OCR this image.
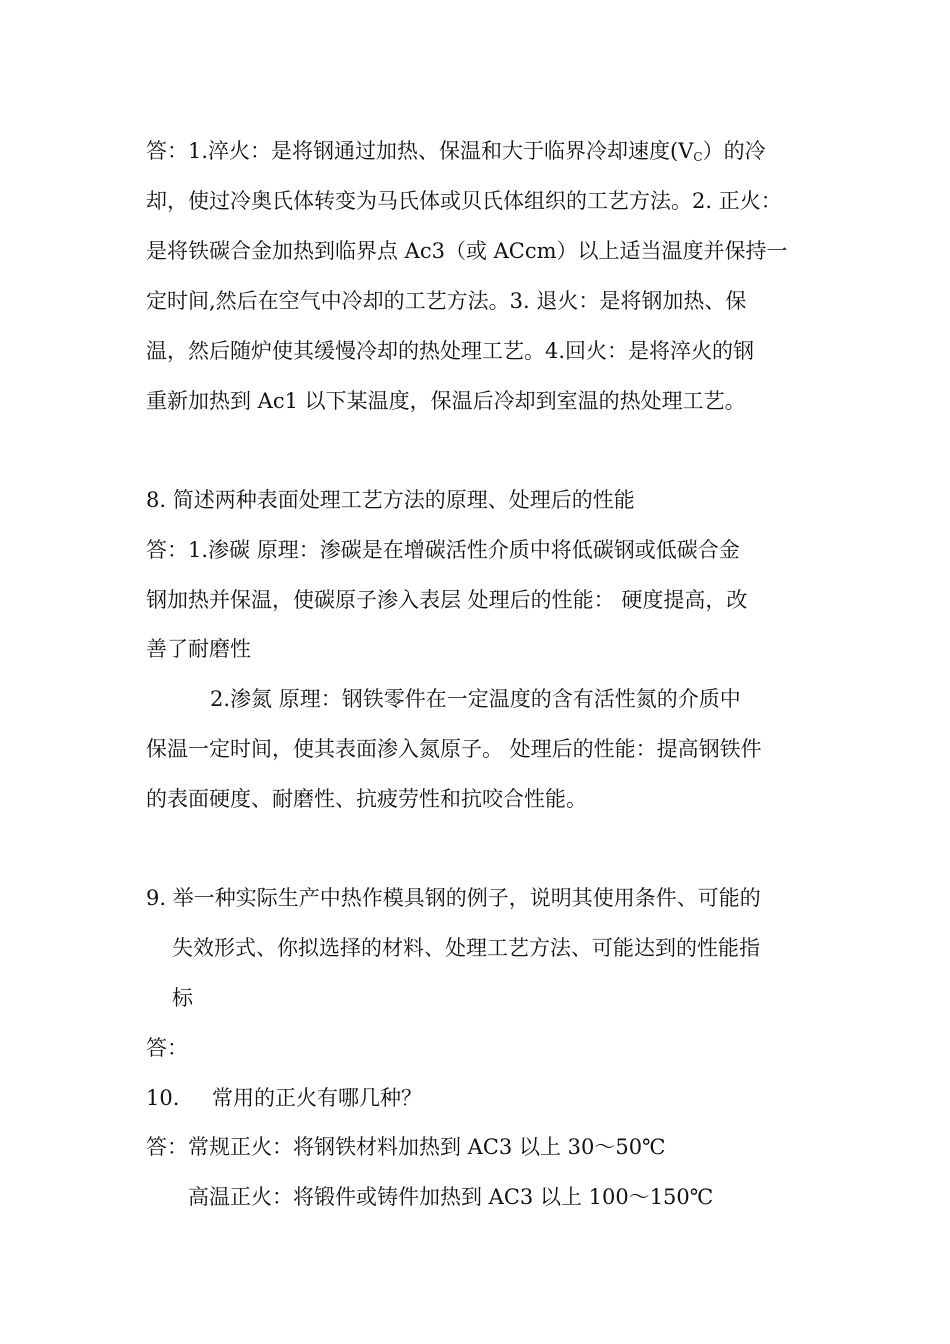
答：1.淬火：是将钢通过加热、保温和大于临界冷却速度$(V_C)$的冷
却，使过冷奥氏体转变为马氏体或贝氏体组织的工艺方法。2. 正火：
是将铁碳合金加热到临界点 Ac3（或 ACcm）以上适当温度并保持一
定时间,然后在空气中冷却的工艺方法。3. 退火：是将钢加热、保
温，然后随炉使其缓慢冷却的热处理工艺。4.回火：是将淬火的钢
重新加热到 Ac1 以下某温度，保温后冷却到室温的热处理工艺。
8. 简述两种表面处理工艺方法的原理、处理后的性能
答：1.渗碳 原理：渗碳是在增碳活性介质中将低碳钢或低碳合金
钢加热并保温，使碳原子渗入表层 处理后的性能： 硬度提高，改
善了耐磨性
2.渗氮 原理：钢铁零件在一定温度的含有活性氮的介质中
保温一定时间，使其表面渗入氮原子。 处理后的性能：提高钢铁件
的表面硬度、耐磨性、抗疲劳性和抗咬合性能。
9. 举一种实际生产中热作模具钢的例子，说明其使用条件、可能的
失效形式、你拟选择的材料、处理工艺方法、可能达到的性能指
标
答：
10. 常用的正火有哪几种？
答：常规正火：将钢铁材料加热到 AC3 以上 30～50℃
高温正火：将锻件或铸件加热到 AC3 以上 100～150℃
